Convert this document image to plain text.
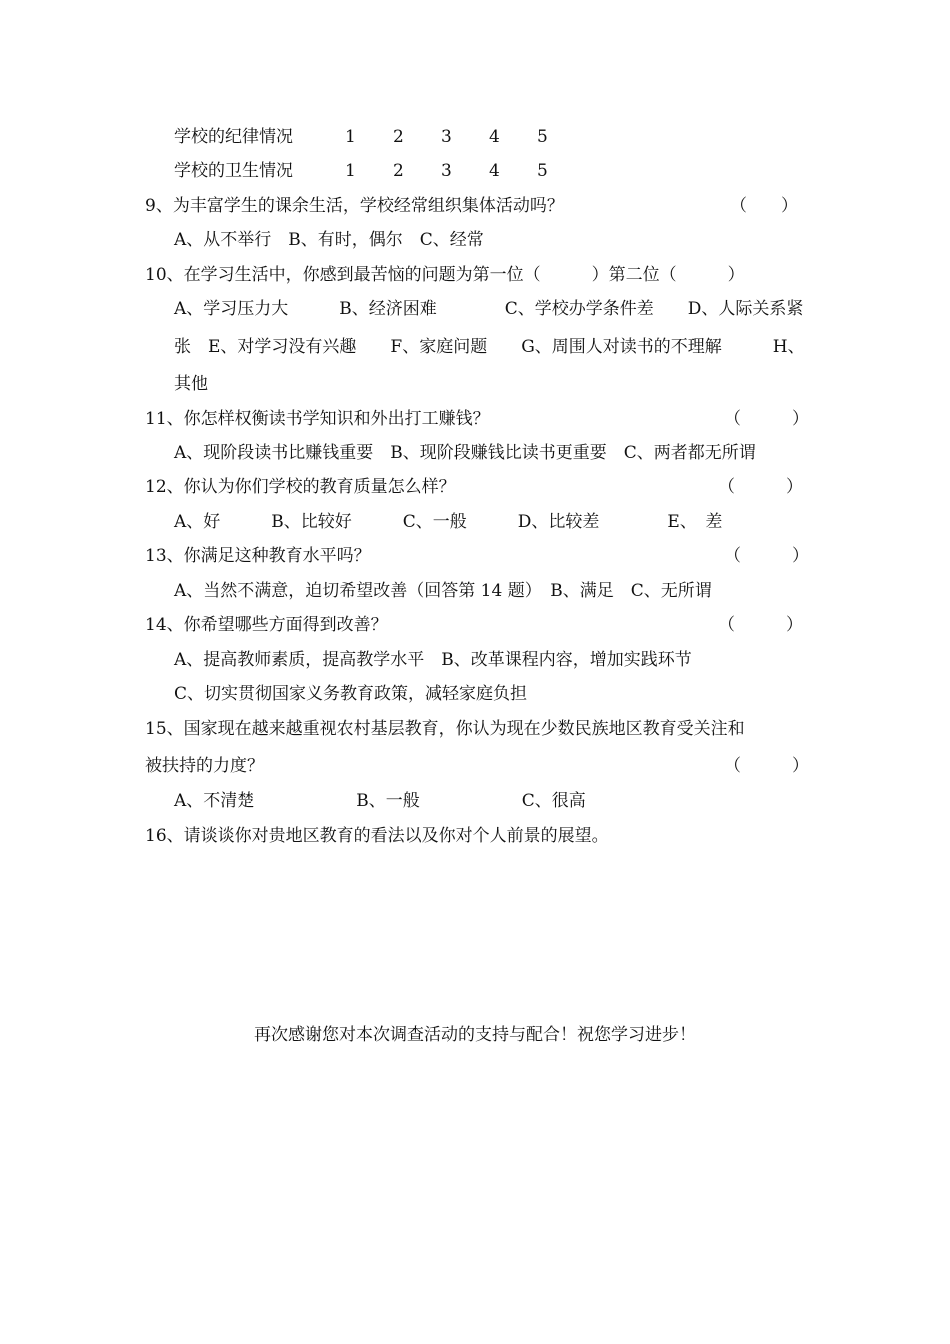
学校的纪律情况	1 2 3 4 5
学校的卫生情况	1 2 3 4 5
9、为丰富学生的课余生活，学校经常组织集体活动吗？	（　　）
A、从不举行　B、有时，偶尔　C、经常
10、在学习生活中，你感到最苦恼的问题为第一位（　　　）第二位（　　　）
A、学习压力大　　　B、经济困难　　　　C、学校办学条件差　　D、人际关系紧
张　E、对学习没有兴趣　　F、家庭问题　　G、周围人对读书的不理解　　　H、
其他
11、你怎样权衡读书学知识和外出打工赚钱？	（　　　）
A、现阶段读书比赚钱重要　B、现阶段赚钱比读书更重要　C、两者都无所谓
12、你认为你们学校的教育质量怎么样？	（　　　）
A、好　　　B、比较好　　　C、一般　　　D、比较差　　　　E、　差
13、你满足这种教育水平吗？	（　　　）
A、当然不满意，迫切希望改善（回答第 14 题）　B、满足　C、无所谓
14、你希望哪些方面得到改善？	（　　　）
A、提高教师素质，提高教学水平　B、改革课程内容，增加实践环节
C、切实贯彻国家义务教育政策，减轻家庭负担
15、国家现在越来越重视农村基层教育，你认为现在少数民族地区教育受关注和
被扶持的力度？	（　　　）
A、不清楚　　　　　　B、一般　　　　　　C、很高
16、请谈谈你对贵地区教育的看法以及你对个人前景的展望。
再次感谢您对本次调查活动的支持与配合！祝您学习进步！
